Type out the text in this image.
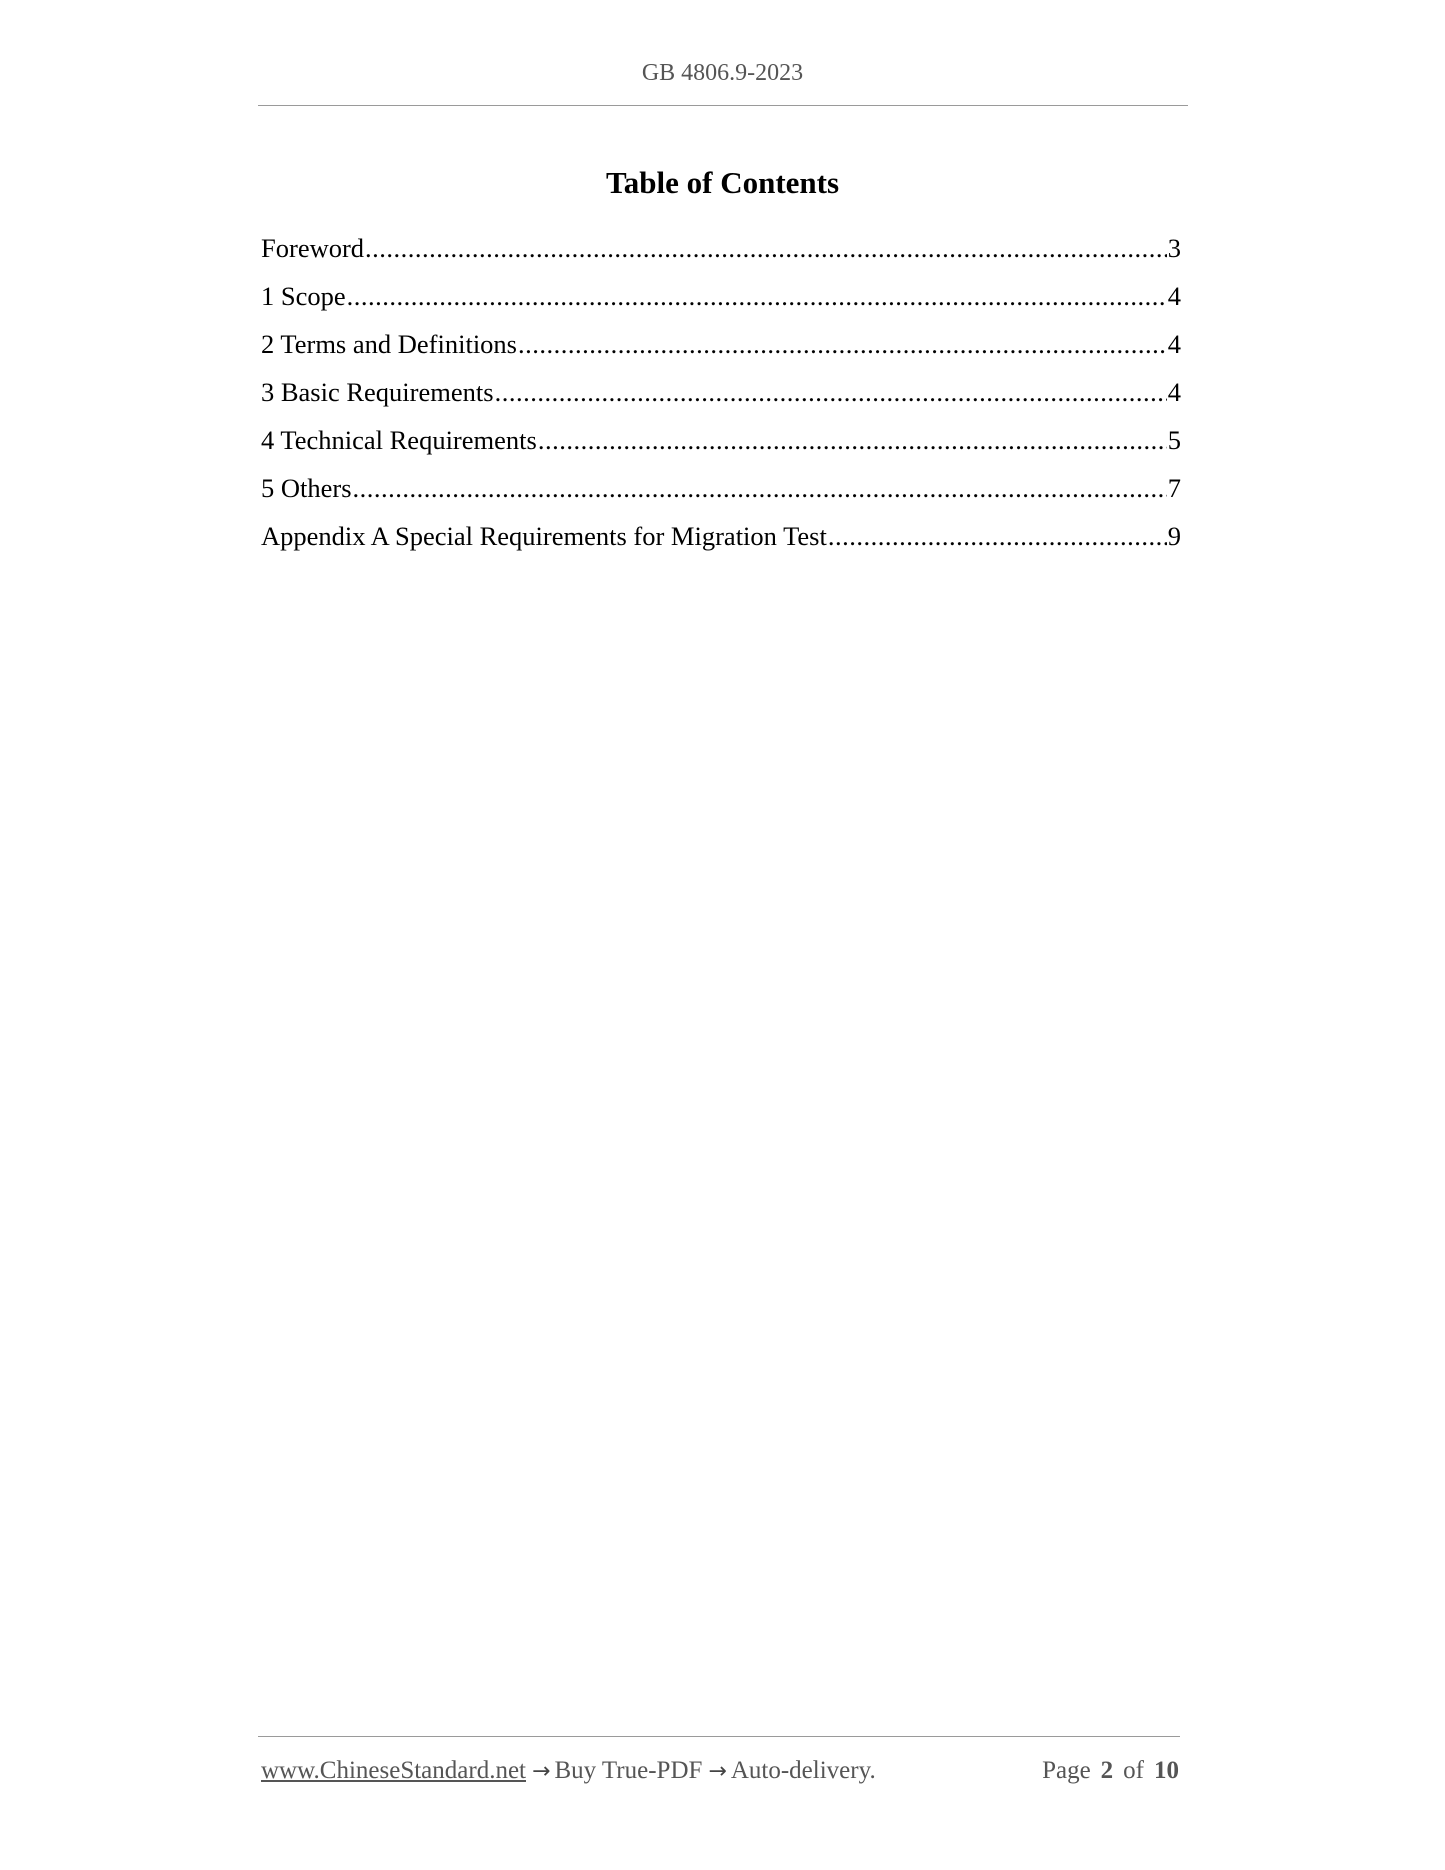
GB 4806.9-2023
Table of Contents
Foreword .....	3
1 Scope .....	4
2 Terms and Definitions .....	4
3 Basic Requirements .....	4
4 Technical Requirements .....	5
5 Others .....	7
Appendix A Special Requirements for Migration Test .....	9
www.ChineseStandard.net → Buy True-PDF → Auto-delivery.	Page 2 of 10
